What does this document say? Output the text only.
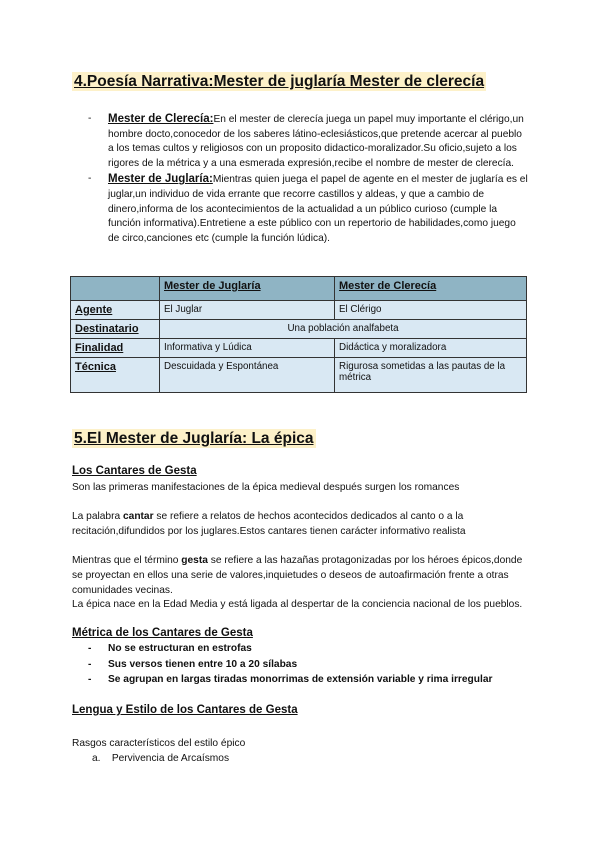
4.Poesía Narrativa:Mester de juglaría Mester de clerecía
- Mester de Clerecía:En el mester de clerecía juega un papel muy importante el clérigo,un hombre docto,conocedor de los saberes látino-eclesiásticos,que pretende acercar al pueblo a los temas cultos y religiosos con un proposito didactico-moralizador.Su oficio,sujeto a los rigores de la métrica y a una esmerada expresión,recibe el nombre de mester de clerecía.
- Mester de Juglaría:Mientras quien juega el papel de agente en el mester de juglaría es el juglar,un individuo de vida errante que recorre castillos y aldeas, y que a cambio de dinero,informa de los acontecimientos de la actualidad a un público curioso (cumple la función informativa).Entretiene a este público con un repertorio de habilidades,como juego de circo,canciones etc (cumple la función lúdica).
	Mester de Juglaría	Mester de Clerecía
Agente	El Juglar	El Clérigo
Destinatario	Una población analfabeta	
Finalidad	Informativa y Lúdica	Didáctica y moralizadora
Técnica	Descuidada y Espontánea	Rigurosa sometidas a las pautas de la métrica
5.El Mester de Juglaría: La épica
Los Cantares de Gesta
Son las primeras manifestaciones de la épica medieval después surgen los romances
La palabra cantar se refiere a relatos de hechos acontecidos dedicados al canto o a la recitación,difundidos por los juglares.Estos cantares tienen carácter informativo realista
Mientras que el término gesta se refiere a las hazañas protagonizadas por los héroes épicos,donde se proyectan en ellos una serie de valores,inquietudes o deseos de autoafirmación frente a otras comunidades vecinas.
La épica nace en la Edad Media y está ligada al despertar de la conciencia nacional de los pueblos.
Métrica de los Cantares de Gesta
- No se estructuran en estrofas
- Sus versos tienen entre 10 a 20 sílabas
- Se agrupan en largas tiradas monorrimas de extensión variable y rima irregular
Lengua y Estilo de los Cantares de Gesta
Rasgos característicos del estilo épico
a. Pervivencia de Arcaísmos
